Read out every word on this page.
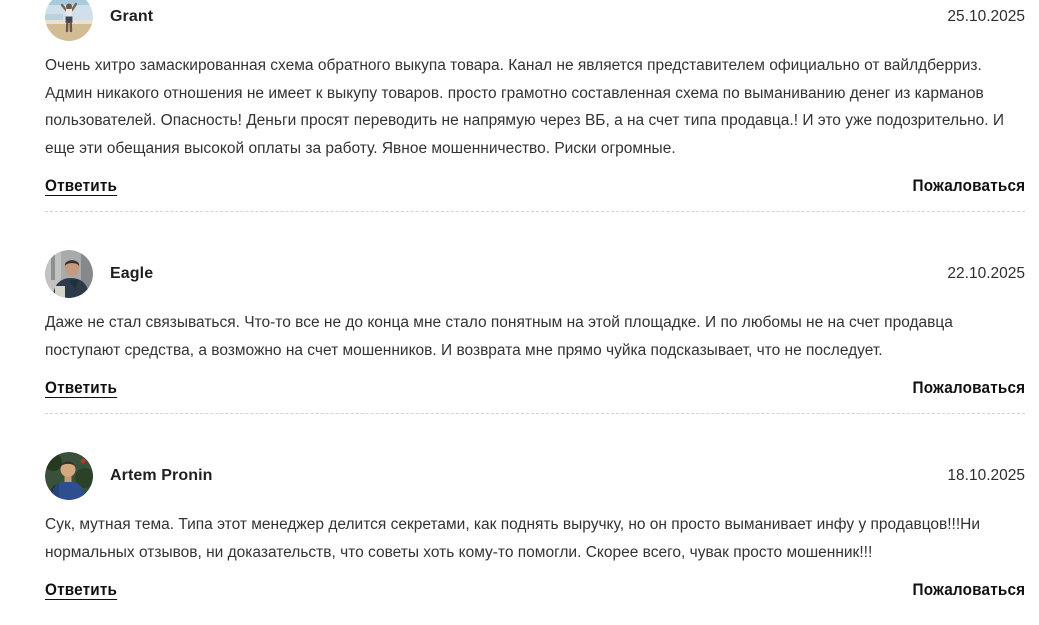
Grant	25.10.2025

Очень хитро замаскированная схема обратного выкупа товара. Канал не является представителем официально от вайлдберриз. Админ никакого отношения не имеет к выкупу товаров. просто грамотно составленная схема по выманиванию денег из карманов пользователей. Опасность! Деньги просят переводить не напрямую через ВБ, а на счет типа продавца.! И это уже подозрительно. И еще эти обещания высокой оплаты за работу. Явное мошенничество. Риски огромные.

Ответить	Пожаловаться
Eagle	22.10.2025

Даже не стал связываться. Что-то все не до конца мне стало понятным на этой площадке. И по любомы не на счет продавца поступают средства, а возможно на счет мошенников. И возврата мне прямо чуйка подсказывает, что не последует.

Ответить	Пожаловаться
Artem Pronin	18.10.2025

Сук, мутная тема. Типа этот менеджер делится секретами, как поднять выручку, но он просто выманивает инфу у продавцов!!!Ни нормальных отзывов, ни доказательств, что советы хоть кому-то помогли. Скорее всего, чувак просто мошенник!!!

Ответить	Пожаловаться
